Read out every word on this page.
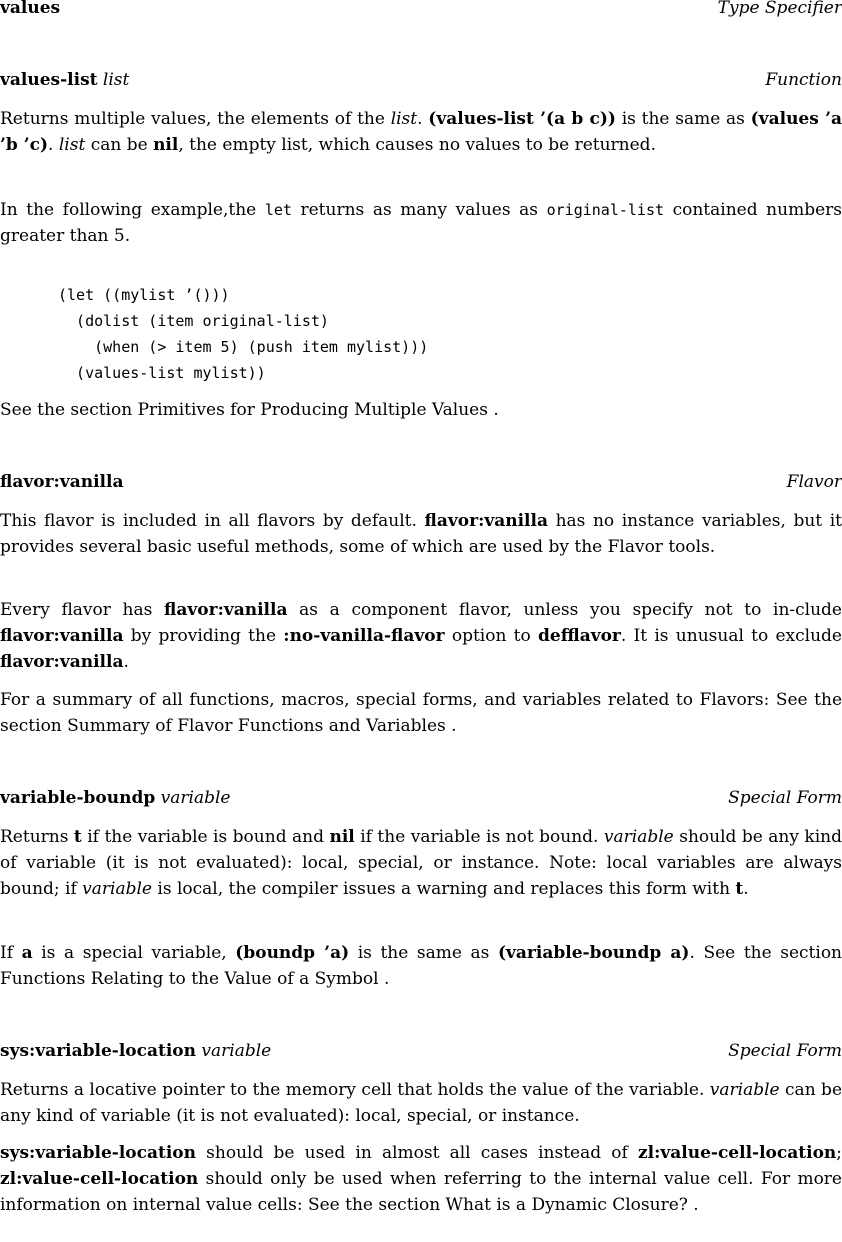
values	Type Specifier
values-list list	Function

Returns multiple values, the elements of the list. (values-list ’(a b c)) is the same as (values ’a ’b ’c). list can be nil, the empty list, which causes no values to be returned.

In the following example,the let returns as many values as original-list contained numbers greater than 5.

(let ((mylist ’()))
(dolist (item original-list)
(when (> item 5) (push item mylist)))
(values-list mylist))

See the section Primitives for Producing Multiple Values .

flavor:vanilla	Flavor

This flavor is included in all flavors by default. flavor:vanilla has no instance variables, but it provides several basic useful methods, some of which are used by the Flavor tools.

Every flavor has flavor:vanilla as a component flavor, unless you specify not to in-clude flavor:vanilla by providing the :no-vanilla-flavor option to defflavor. It is unusual to exclude flavor:vanilla.

For a summary of all functions, macros, special forms, and variables related to Flavors: See the section Summary of Flavor Functions and Variables .

variable-boundp variable	Special Form

Returns t if the variable is bound and nil if the variable is not bound. variable should be any kind of variable (it is not evaluated): local, special, or instance. Note: local variables are always bound; if variable is local, the compiler issues a warning and replaces this form with t.

If a is a special variable, (boundp ’a) is the same as (variable-boundp a). See the section Functions Relating to the Value of a Symbol .

sys:variable-location variable	Special Form

Returns a locative pointer to the memory cell that holds the value of the variable. variable can be any kind of variable (it is not evaluated): local, special, or instance.

sys:variable-location should be used in almost all cases instead of zl:value-cell-location; zl:value-cell-location should only be used when referring to the internal value cell. For more information on internal value cells: See the section What is a Dynamic Closure? .
